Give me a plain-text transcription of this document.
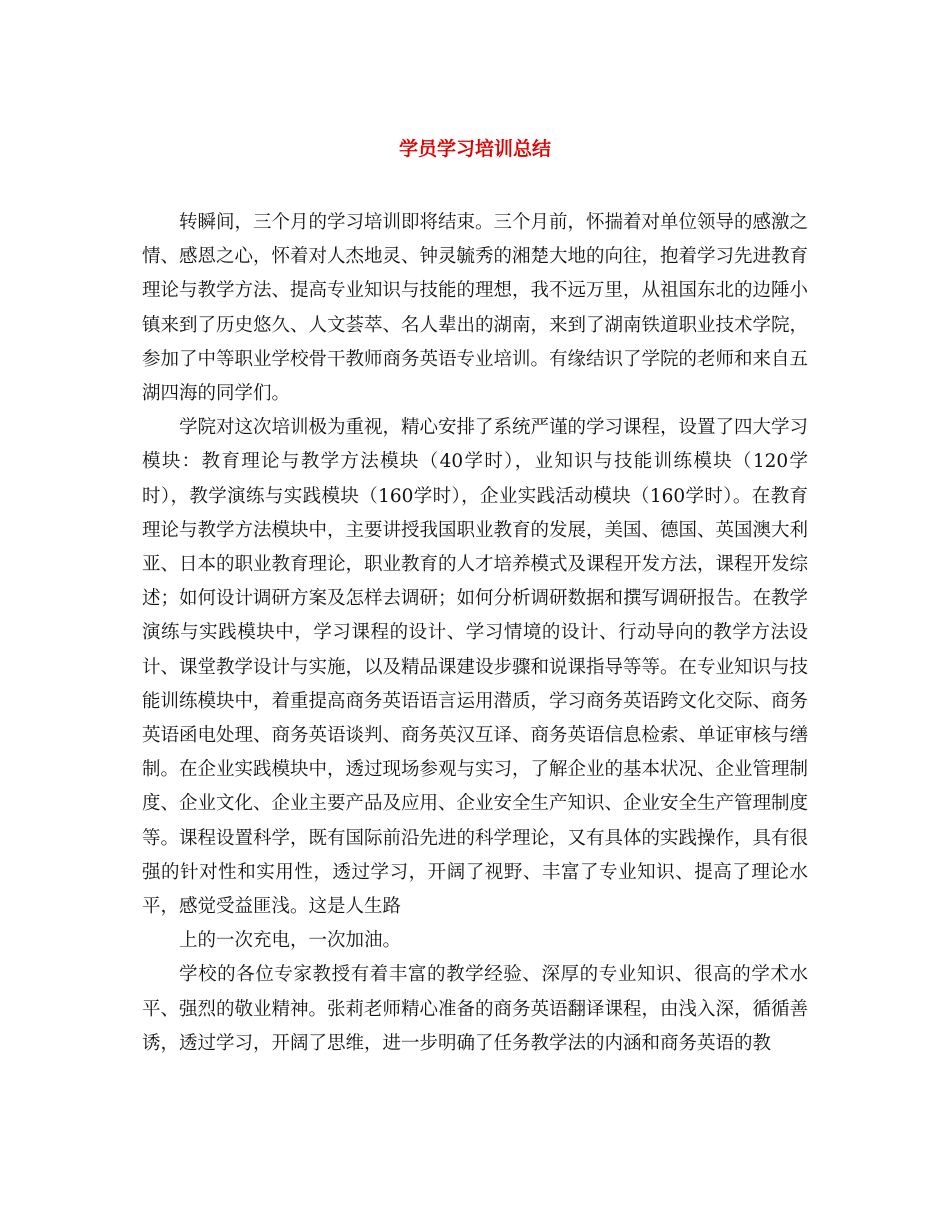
学员学习培训总结

转瞬间，三个月的学习培训即将结束。三个月前，怀揣着对单位领导的感激之情、感恩之心，怀着对人杰地灵、钟灵毓秀的湘楚大地的向往，抱着学习先进教育理论与教学方法、提高专业知识与技能的理想，我不远万里，从祖国东北的边陲小镇来到了历史悠久、人文荟萃、名人辈出的湖南，来到了湖南铁道职业技术学院，参加了中等职业学校骨干教师商务英语专业培训。有缘结识了学院的老师和来自五湖四海的同学们。

学院对这次培训极为重视，精心安排了系统严谨的学习课程，设置了四大学习模块：教育理论与教学方法模块（40学时），业知识与技能训练模块（120学时），教学演练与实践模块（160学时），企业实践活动模块（160学时）。在教育理论与教学方法模块中，主要讲授我国职业教育的发展，美国、德国、英国澳大利亚、日本的职业教育理论，职业教育的人才培养模式及课程开发方法，课程开发综述；如何设计调研方案及怎样去调研；如何分析调研数据和撰写调研报告。在教学演练与实践模块中，学习课程的设计、学习情境的设计、行动导向的教学方法设计、课堂教学设计与实施，以及精品课建设步骤和说课指导等等。在专业知识与技能训练模块中，着重提高商务英语语言运用潜质，学习商务英语跨文化交际、商务英语函电处理、商务英语谈判、商务英汉互译、商务英语信息检索、单证审核与缮制。在企业实践模块中，透过现场参观与实习，了解企业的基本状况、企业管理制度、企业文化、企业主要产品及应用、企业安全生产知识、企业安全生产管理制度等。课程设置科学，既有国际前沿先进的科学理论，又有具体的实践操作，具有很强的针对性和实用性，透过学习，开阔了视野、丰富了专业知识、提高了理论水平，感觉受益匪浅。这是人生路

上的一次充电，一次加油。

学校的各位专家教授有着丰富的教学经验、深厚的专业知识、很高的学术水平、强烈的敬业精神。张莉老师精心准备的商务英语翻译课程，由浅入深，循循善诱，透过学习，开阔了思维，进一步明确了任务教学法的内涵和商务英语的教
